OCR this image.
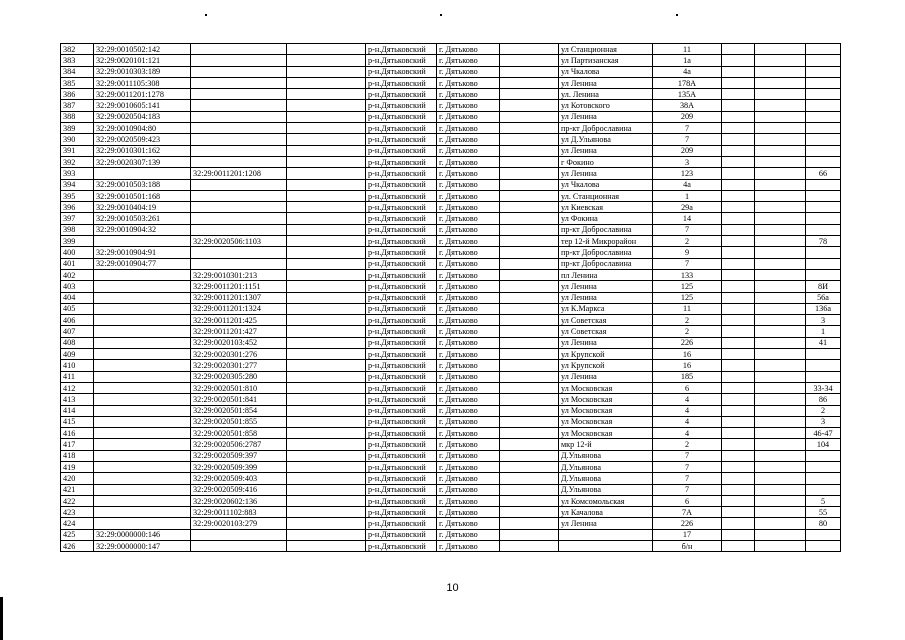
382	32:29:0010502:142			р-н.Дятьковский	г. Дятьково		ул Станционная	11			
383	32:29:0020101:121			р-н.Дятьковский	г. Дятьково		ул Партизанская	1а			
384	32:29:0010303:189			р-н.Дятьковский	г. Дятьково		ул Чкалова	4а			
385	32:29:0011105:308			р-н.Дятьковский	г. Дятьково		ул Ленина	178А			
386	32:29:0011201:1278			р-н.Дятьковский	г. Дятьково		ул. Ленина	135А			
387	32:29:0010605:141			р-н.Дятьковский	г. Дятьково		ул Котовского	38А			
388	32:29:0020504:183			р-н.Дятьковский	г. Дятьково		ул Ленина	209			
389	32:29:0010904:80			р-н.Дятьковский	г. Дятьково		пр-кт Доброславина	7			
390	32:29:0020509:423			р-н.Дятьковский	г. Дятьково		ул Д.Ульянова	7			
391	32:29:0010301:162			р-н.Дятьковский	г. Дятьково		ул Ленина	209			
392	32:29:0020307:139			р-н.Дятьковский	г. Дятьково		г Фокино	3			
393		32:29:0011201:1208		р-н.Дятьковский	г. Дятьково		ул Ленина	123			66
394	32:29:0010503:188			р-н.Дятьковский	г. Дятьково		ул Чкалова	4а			
395	32:29:0010501:168			р-н.Дятьковский	г. Дятьково		ул. Станционная	1			
396	32:29:0010404:19			р-н.Дятьковский	г. Дятьково		ул Киевская	29а			
397	32:29:0010503:261			р-н.Дятьковский	г. Дятьково		ул Фокина	14			
398	32:29:0010904:32			р-н.Дятьковский	г. Дятьково		пр-кт Доброславина	7			
399		32:29:0020506:1103		р-н.Дятьковский	г. Дятьково		тер 12-й Микрорайон	2			78
400	32:29:0010904:91			р-н.Дятьковский	г. Дятьково		пр-кт Доброславина	9			
401	32:29:0010904:77			р-н.Дятьковский	г. Дятьково		пр-кт Доброславина	7			
402		32:29:0010301:213		р-н.Дятьковский	г. Дятьково		пл Ленина	133			
403		32:29:0011201:1151		р-н.Дятьковский	г. Дятьково		ул Ленина	125			8И
404		32:29:0011201:1307		р-н.Дятьковский	г. Дятьково		ул Ленина	125			56а
405		32:29:0011201:1324		р-н.Дятьковский	г. Дятьково		ул К.Маркса	11			136а
406		32:29:0011201:425		р-н.Дятьковский	г. Дятьково		ул Советская	2			3
407		32:29:0011201:427		р-н.Дятьковский	г. Дятьково		ул Советская	2			1
408		32:29:0020103:452		р-н.Дятьковский	г. Дятьково		ул Ленина	226			41
409		32:29:0020301:276		р-н.Дятьковский	г. Дятьково		ул Крупской	16			
410		32:29:0020301:277		р-н.Дятьковский	г. Дятьково		ул Крупской	16			
411		32:29:0020305:280		р-н.Дятьковский	г. Дятьково		ул Ленина	185			
412		32:29:0020501:810		р-н.Дятьковский	г. Дятьково		ул Московская	6			33-34
413		32:29:0020501:841		р-н.Дятьковский	г. Дятьково		ул Московская	4			86
414		32:29:0020501:854		р-н.Дятьковский	г. Дятьково		ул Московская	4			2
415		32:29:0020501:855		р-н.Дятьковский	г. Дятьково		ул Московская	4			3
416		32:29:0020501:858		р-н.Дятьковский	г. Дятьково		ул Московская	4			46-47
417		32:29:0020506:2787		р-н.Дятьковский	г. Дятьково		мкр 12-й	2			104
418		32:29:0020509:397		р-н.Дятьковский	г. Дятьково		Д.Ульянова	7			
419		32:29:0020509:399		р-н.Дятьковский	г. Дятьково		Д.Ульянова	7			
420		32:29:0020509:403		р-н.Дятьковский	г. Дятьково		Д.Ульянова	7			
421		32:29:0020509:416		р-н.Дятьковский	г. Дятьково		Д.Ульянова	7			
422		32:29:0020602:136		р-н.Дятьковский	г. Дятьково		ул Комсомольская	6			5
423		32:29:0011102:883		р-н.Дятьковский	г. Дятьково		ул Качалова	7А			55
424		32:29:0020103:279		р-н.Дятьковский	г. Дятьково		ул Ленина	226			80
425	32:29:0000000:146			р-н.Дятьковский	г. Дятьково			17			
426	32:29:0000000:147			р-н.Дятьковский	г. Дятьково			б/н			
10
